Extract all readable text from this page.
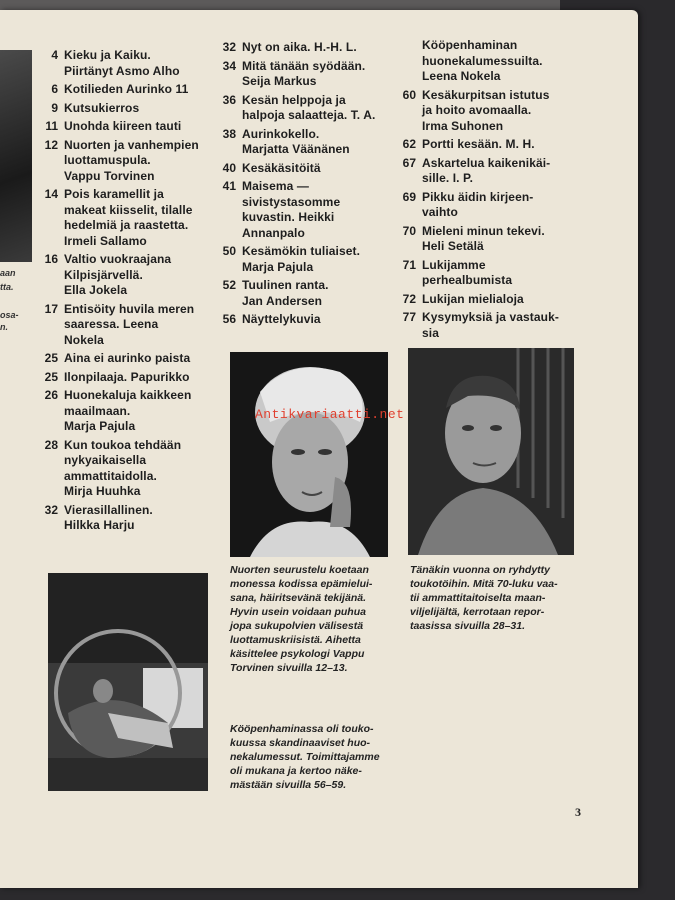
aan
tta.
osa-
n.
4 Kieku ja Kaiku.
Piirtänyt Asmo Alho
6 Kotilieden Aurinko 11
9 Kutsukierros
11 Unohda kiireen tauti
12 Nuorten ja vanhempien
luottamuspula.
Vappu Torvinen
14 Pois karamellit ja
makeat kiisselit, tilalle
hedelmiä ja raastetta.
Irmeli Sallamo
16 Valtio vuokraajana
Kilpisjärvellä.
Ella Jokela
17 Entisöity huvila meren
saaressa. Leena
Nokela
25 Aina ei aurinko paista
25 Ilonpilaaja. Papurikko
26 Huonekaluja kaikkeen
maailmaan.
Marja Pajula
28 Kun toukoa tehdään
nykyaikaisella
ammattitaidolla.
Mirja Huuhka
32 Vierasillallinen.
Hilkka Harju
32 Nyt on aika. H.-H. L.
34 Mitä tänään syödään.
Seija Markus
36 Kesän helppoja ja
halpoja salaatteja. T. A.
38 Aurinkokello.
Marjatta Väänänen
40 Kesäkäsitöitä
41 Maisema —
sivistystasomme
kuvastin. Heikki
Annanpalo
50 Kesämökin tuliaiset.
Marja Pajula
52 Tuulinen ranta.
Jan Andersen
56 Näyttelykuvia
Kööpenhaminan
huonekalumessuilta.
Leena Nokela
60 Kesäkurpitsan istutus
ja hoito avomaalla.
Irma Suhonen
62 Portti kesään. M. H.
67 Askartelua kaikenikäi-
sille. I. P.
69 Pikku äidin kirjeen-
vaihto
70 Mieleni minun tekevi.
Heli Setälä
71 Lukijamme
perhealbumista
72 Lukijan mielialoja
77 Kysymyksiä ja vastauk-
sia
Nuorten seurustelu koetaan
monessa kodissa epämielui-
sana, häiritsevänä tekijänä.
Hyvin usein voidaan puhua
jopa sukupolvien välisestä
luottamuskriisistä. Aihetta
käsittelee psykologi Vappu
Torvinen sivuilla 12–13.
Tänäkin vuonna on ryhdytty
toukotöihin. Mitä 70-luku vaa-
tii ammattitaitoiselta maan-
viljelijältä, kerrotaan repor-
taasissa sivuilla 28–31.
Kööpenhaminassa oli touko-
kuussa skandinaaviset huo-
nekalumessut. Toimittajamme
oli mukana ja kertoo näke-
mästään sivuilla 56–59.
Antikvariaatti.net
3
